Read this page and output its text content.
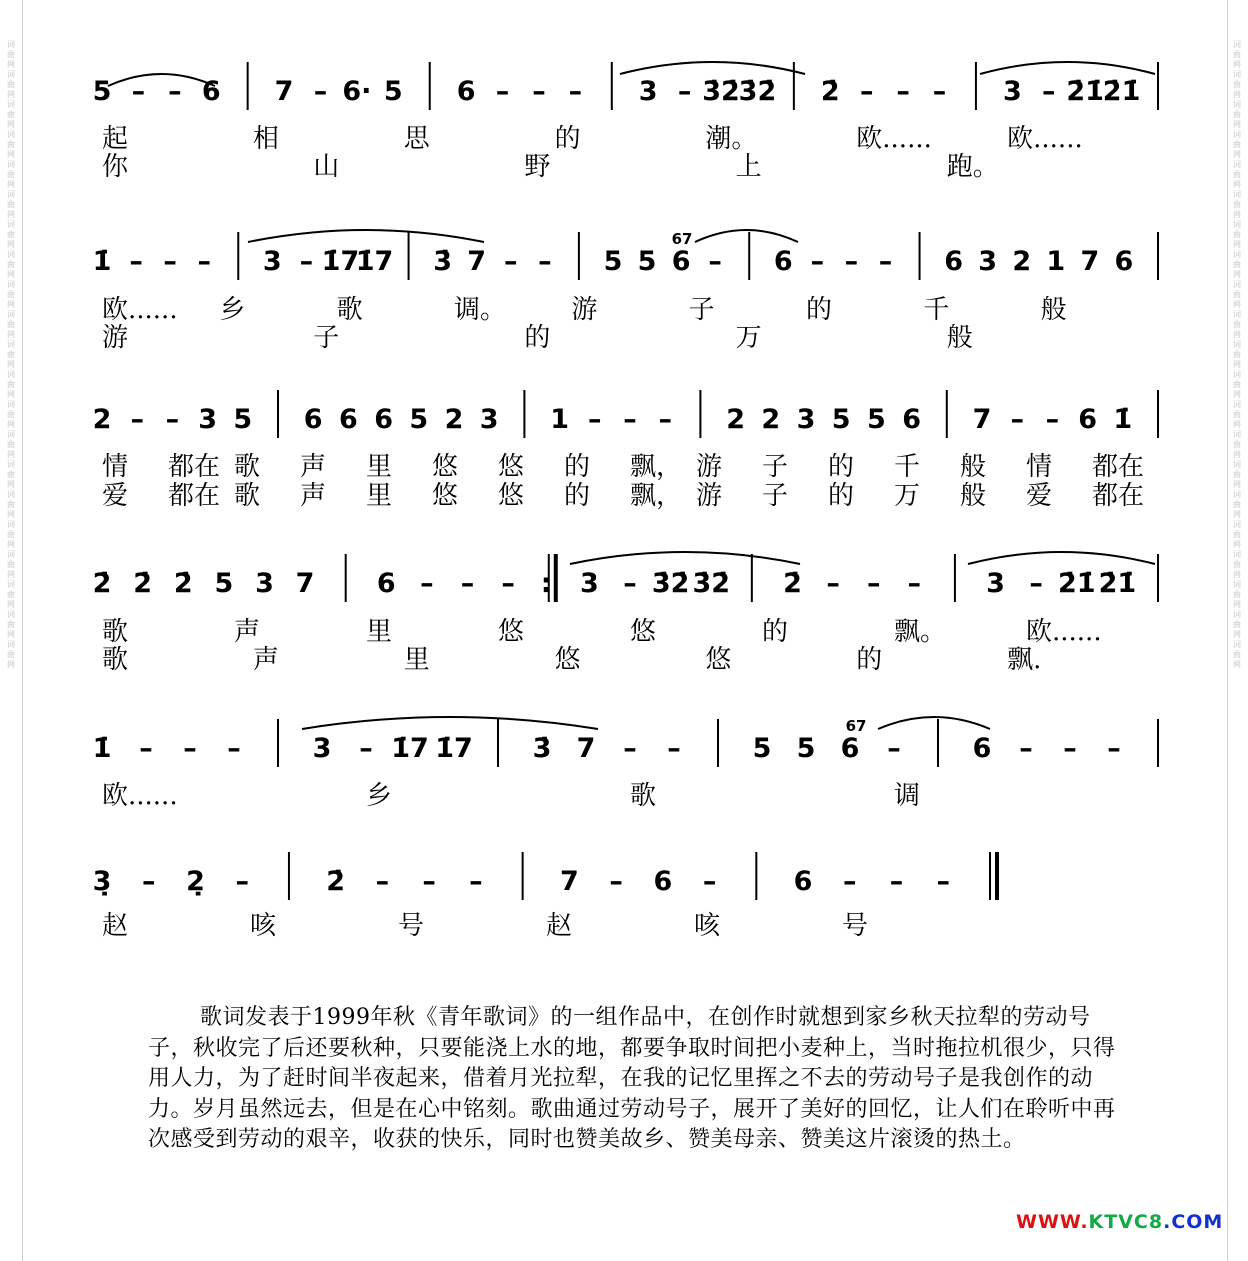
词
曲
网
词
曲
网
词
曲
网
词
曲
网
词
曲
网
词
曲
网
词
曲
网
词
曲
网
词
曲
网
词
曲
网
词
曲
网
词
曲
网
词
曲
网
词
曲
网
词
曲
网
词
曲
网
词
曲
网
词
曲
网
词
曲
网
词
曲
网
词
曲
网
词
曲
网
词
曲
网
词
曲
网
词
曲
网
词
曲
网
词
曲
网
词
曲
网
词
曲
网
词
曲
网
词
曲
网
词
曲
网
词
曲
网
词
曲
网
词
曲
网
词
曲
网
词
曲
网
词
曲
网
词
曲
网
词
曲
网
词
曲
网
词
曲
网
5 – – 6 7 – 6· 5 6 – – – 3 – 3̇2̇
3̇2̇ 2̇ – – – 3 – 2̇1̇
2̇1̇
1̇ – – – 3 – 1̇7
1̇7 3̇ 7 – – 5 5 6 – 6 – – – 6 3 2 1 7 6
67
2 – – 3 5 6 6 6 5 2 3 1 – – – 2 2 3 5 5 6 7 – – 6 1̇
2̇ 2̇ 2̇ 5 3 7 6 – – – : 3 – 3̇2̇ 3̇2̇ 2̇ – – – 3 – 2̇1̇ 2̇1̇
1̇ – – –	3 – 1̇7 1̇7 3̇ 7 – –	5 5 6 –	6 – – –
67
3̣ – 2̣ –	2̇ – – –	7 – 6 –	6 – – –
起	相	思	的	潮。	欧......	欧......
你	山	野	上	跑。
欧...... 乡	歌	调。	游	子	的	千	般
游	子	的	万	般
情 都在 歌 声 里 悠 悠 的 飘， 游 子 的 千 般 情 都在
爱 都在 歌 声 里 悠 悠 的 飘， 游 子 的 万 般 爱 都在
歌	声	里	悠	悠	的	飘。	欧......
歌	声	里	悠	悠	的	飘.
欧......	乡	歌	调
赵	咳	号	赵	咳	号
歌词发表于1999年秋《青年歌词》的一组作品中，在创作时就想到家乡秋天拉犁的劳动号子，秋收完了后还要秋种，只要能浇上水的地，都要争取时间把小麦种上，当时拖拉机很少，只得用人力，为了赶时间半夜起来，借着月光拉犁，在我的记忆里挥之不去的劳动号子是我创作的动力。岁月虽然远去，但是在心中铭刻。歌曲通过劳动号子，展开了美好的回忆，让人们在聆听中再次感受到劳动的艰辛，收获的快乐，同时也赞美故乡、赞美母亲、赞美这片滚烫的热土。
WWW.KTVC8.COM
